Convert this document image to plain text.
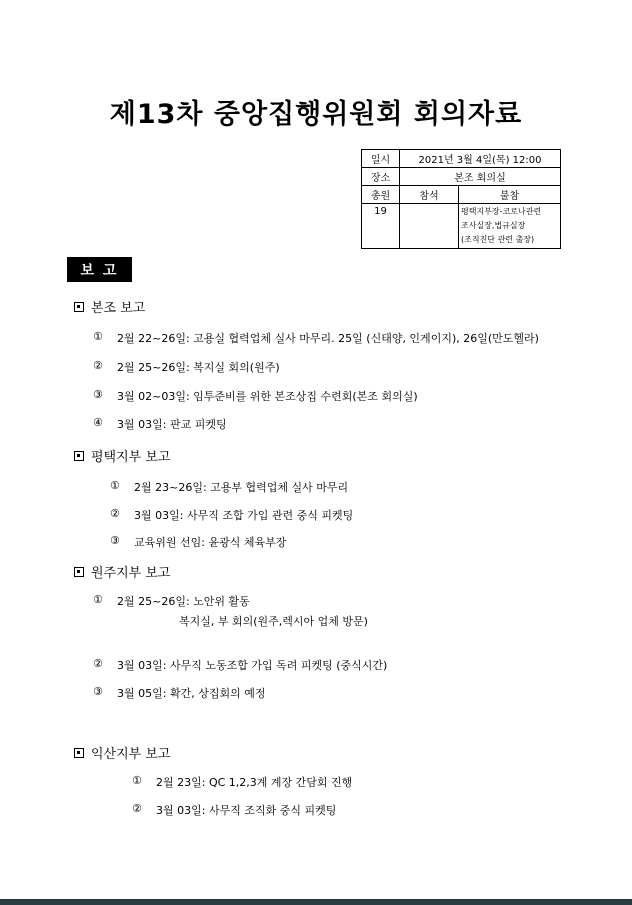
제13차 중앙집행위원회 회의자료
일시	2021년 3월 4일(목) 12:00	
장소	본조 회의실	
총원	참석	불참
19		평택지부장-코로나관련
조사실장,법규실장
(조직진단 관련 출장)
보 고
본조 보고
①	2월 22~26일: 고용실 협력업체 실사 마무리. 25일 (신태양, 인게이지), 26일(만도헬라)
②	2월 25~26일: 복지실 회의(원주)
③	3월 02~03일: 임투준비를 위한 본조상집 수련회(본조 회의실)
④	3월 03일: 판교 피켓팅
평택지부 보고
①	2월 23~26일: 고용부 협력업체 실사 마무리
②	3월 03일: 사무직 조합 가입 관련 중식 피켓팅
③	교육위원 선임: 윤광식 체육부장
원주지부 보고
①	2월 25~26일: 노안위 활동
복지실, 부 회의(원주,렉시아 업체 방문)
②	3월 03일: 사무직 노동조합 가입 독려 피켓팅 (중식시간)
③	3월 05일: 확간, 상집회의 예정
익산지부 보고
①	2월 23일: QC 1,2,3계 계장 간담회 진행
②	3월 03일: 사무직 조직화 중식 피켓팅
